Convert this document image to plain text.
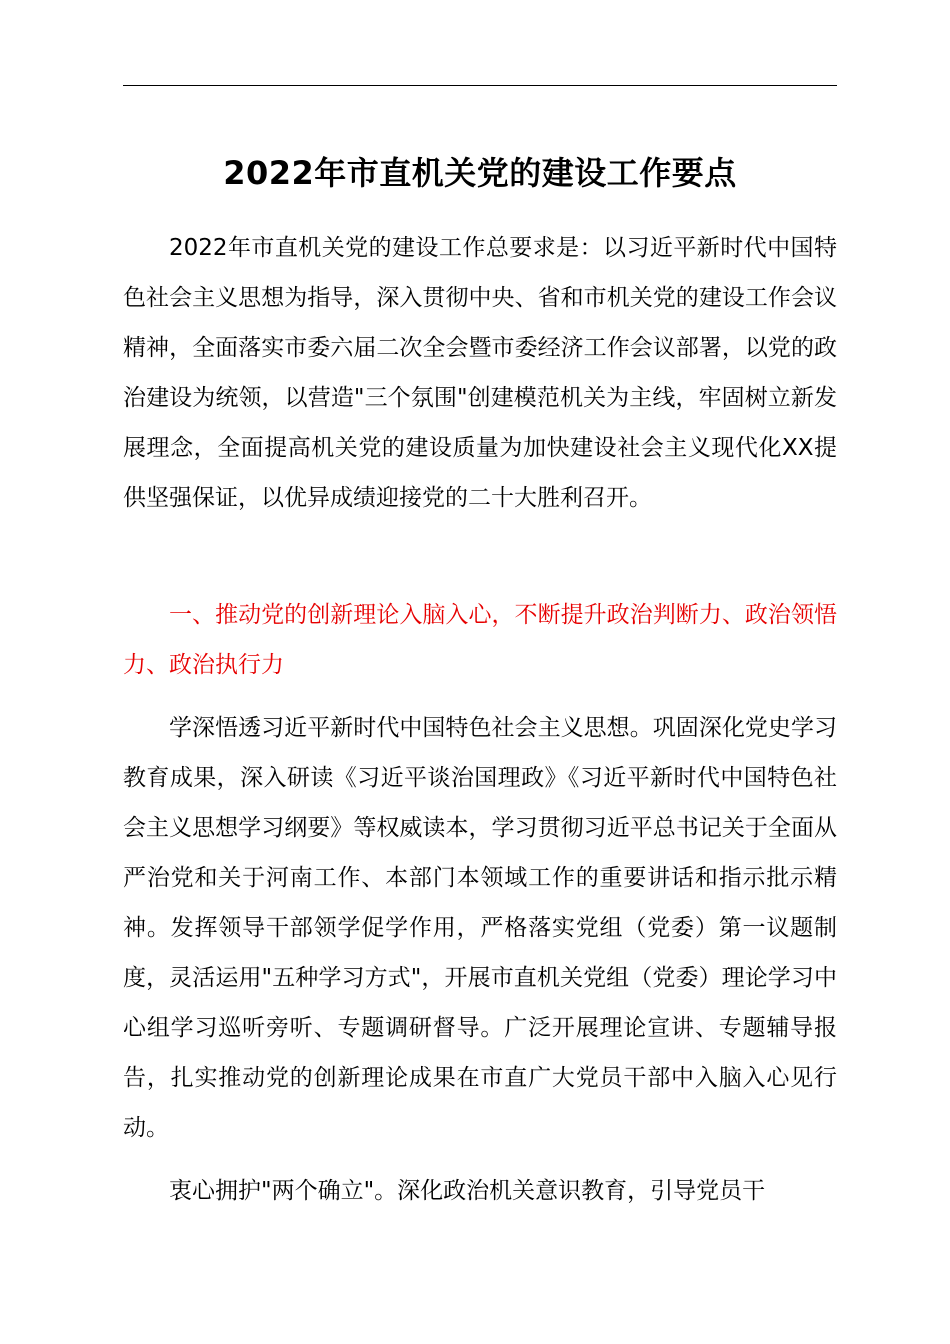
2022年市直机关党的建设工作要点

2022年市直机关党的建设工作总要求是：以习近平新时代中国特色社会主义思想为指导，深入贯彻中央、省和市机关党的建设工作会议精神，全面落实市委六届二次全会暨市委经济工作会议部署，以党的政治建设为统领，以营造"三个氛围"创建模范机关为主线，牢固树立新发展理念，全面提高机关党的建设质量为加快建设社会主义现代化XX提供坚强保证，以优异成绩迎接党的二十大胜利召开。

一、推动党的创新理论入脑入心，不断提升政治判断力、政治领悟力、政治执行力

学深悟透习近平新时代中国特色社会主义思想。巩固深化党史学习教育成果，深入研读《习近平谈治国理政》《习近平新时代中国特色社会主义思想学习纲要》等权威读本，学习贯彻习近平总书记关于全面从严治党和关于河南工作、本部门本领域工作的重要讲话和指示批示精神。发挥领导干部领学促学作用，严格落实党组（党委）第一议题制度，灵活运用"五种学习方式"，开展市直机关党组（党委）理论学习中心组学习巡听旁听、专题调研督导。广泛开展理论宣讲、专题辅导报告，扎实推动党的创新理论成果在市直广大党员干部中入脑入心见行动。

衷心拥护"两个确立"。深化政治机关意识教育，引导党员干
